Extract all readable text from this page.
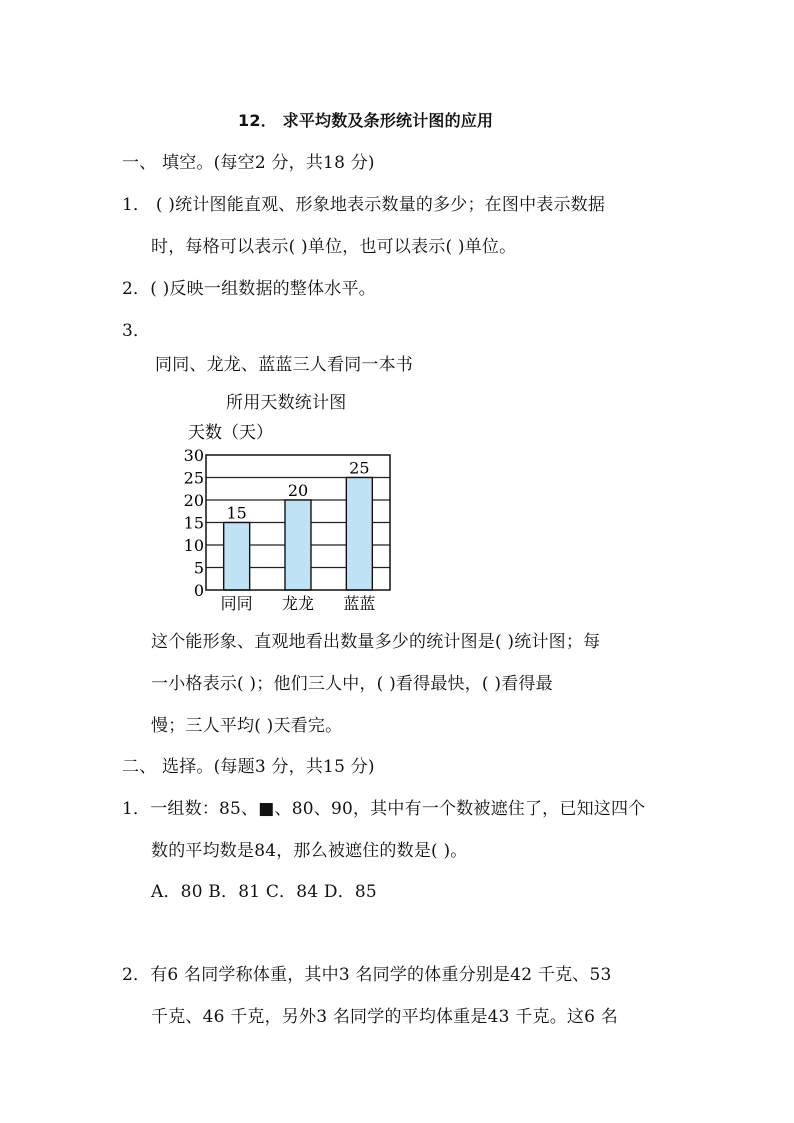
12． 求平均数及条形统计图的应用
一、 填空。(每空2 分，共18 分)
1． ( )统计图能直观、形象地表示数量的多少；在图中表示数据
时，每格可以表示( )单位，也可以表示( )单位。
2．( )反映一组数据的整体水平。
3．
同同、龙龙、蓝蓝三人看同一本书
所用天数统计图
0
5
10
15
20
25
30
同同 龙龙 蓝蓝
15
20
25
天数（天）
这个能形象、直观地看出数量多少的统计图是( )统计图；每
一小格表示( )；他们三人中，( )看得最快，( )看得最
慢；三人平均( )天看完。
二、 选择。(每题3 分，共15 分)
1．一组数：85、■、80、90，其中有一个数被遮住了，已知这四个
数的平均数是84，那么被遮住的数是( )。
A．80 B．81 C．84 D．85
2．有6 名同学称体重，其中3 名同学的体重分别是42 千克、53
千克、46 千克，另外3 名同学的平均体重是43 千克。这6 名
